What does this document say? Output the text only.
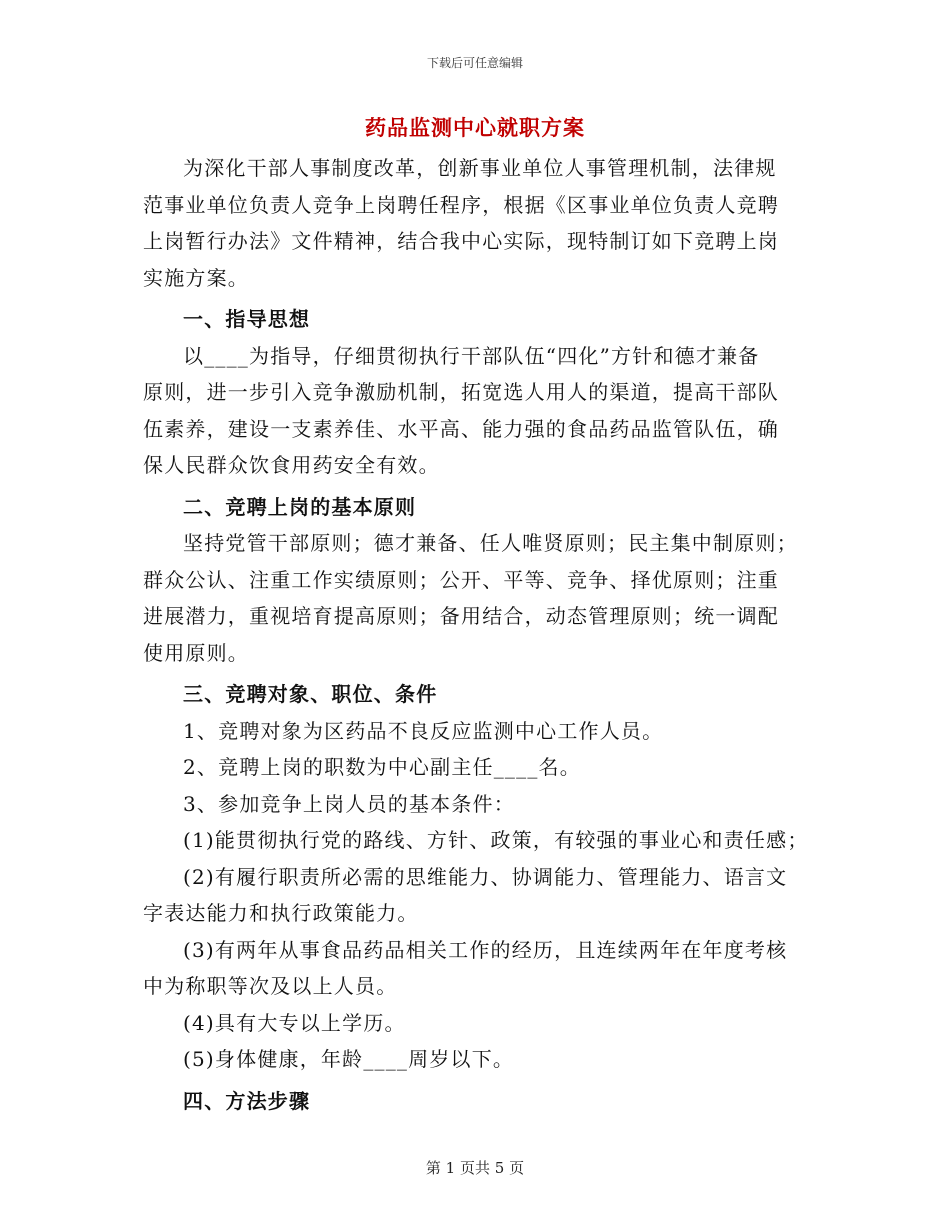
下载后可任意编辑
药品监测中心就职方案
为深化干部人事制度改革，创新事业单位人事管理机制，法律规
范事业单位负责人竞争上岗聘任程序，根据《区事业单位负责人竞聘
上岗暂行办法》文件精神，结合我中心实际，现特制订如下竞聘上岗
实施方案。
一、指导思想
以____为指导，仔细贯彻执行干部队伍“四化”方针和德才兼备
原则，进一步引入竞争激励机制，拓宽选人用人的渠道，提高干部队
伍素养，建设一支素养佳、水平高、能力强的食品药品监管队伍，确
保人民群众饮食用药安全有效。
二、竞聘上岗的基本原则
坚持党管干部原则；德才兼备、任人唯贤原则；民主集中制原则；
群众公认、注重工作实绩原则；公开、平等、竞争、择优原则；注重
进展潜力，重视培育提高原则；备用结合，动态管理原则；统一调配
使用原则。
三、竞聘对象、职位、条件
1、竞聘对象为区药品不良反应监测中心工作人员。
2、竞聘上岗的职数为中心副主任____名。
3、参加竞争上岗人员的基本条件：
(1)能贯彻执行党的路线、方针、政策，有较强的事业心和责任感；
(2)有履行职责所必需的思维能力、协调能力、管理能力、语言文
字表达能力和执行政策能力。
(3)有两年从事食品药品相关工作的经历，且连续两年在年度考核
中为称职等次及以上人员。
(4)具有大专以上学历。
(5)身体健康，年龄____周岁以下。
四、方法步骤
第 1 页共 5 页
